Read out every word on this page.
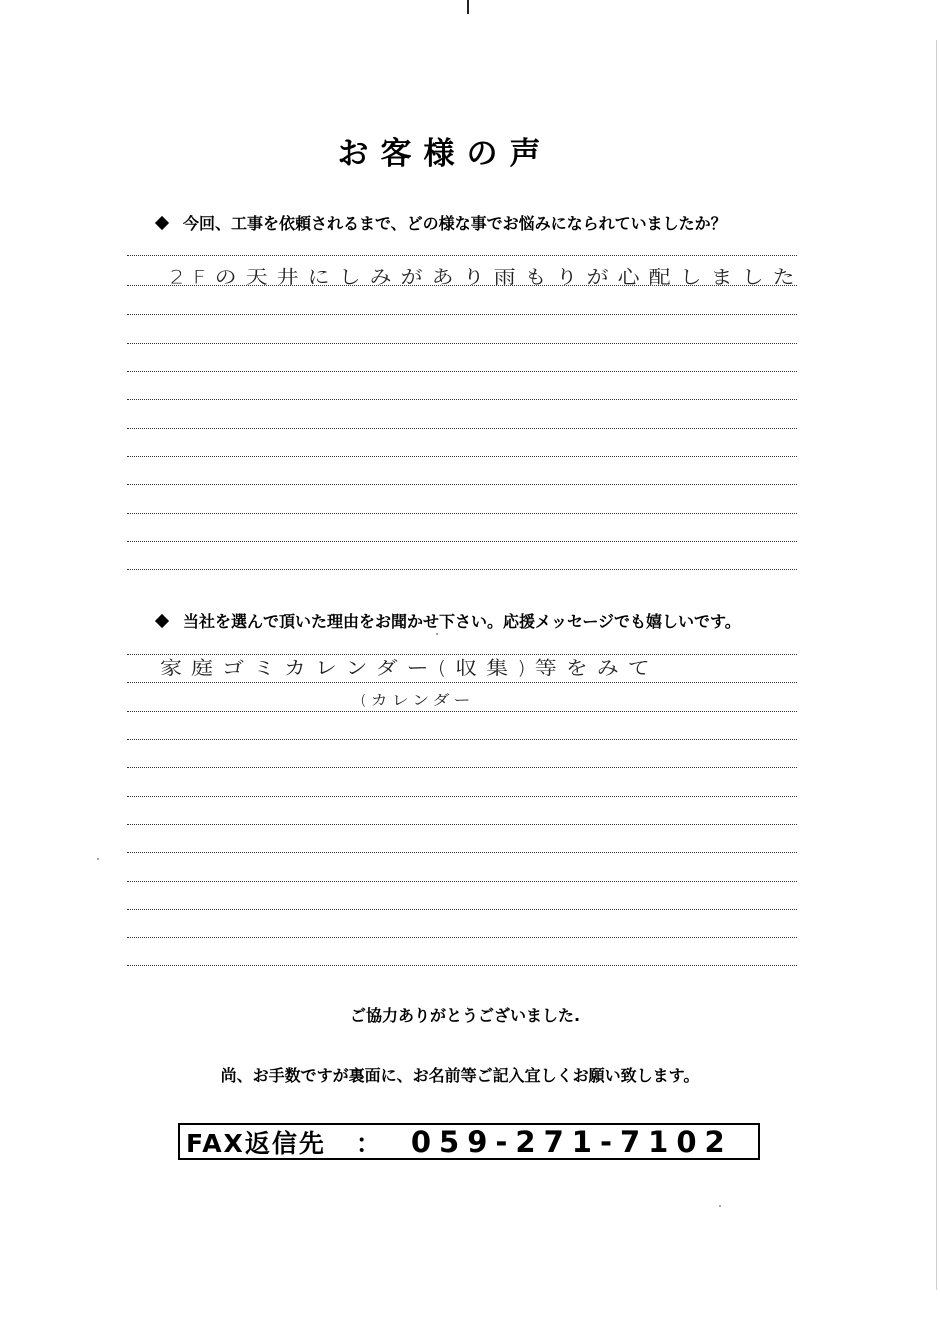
お客様の声
今回、工事を依頼されるまで、どの様な事でお悩みになられていましたか？
2Fの天井にしみがあり雨もりが心配しました
当社を選んで頂いた理由をお聞かせ下さい。応援メッセージでも嬉しいです。
家庭ゴミカレンダー(収集)等をみて
(カレンダー
ご協力ありがとうございました.
尚、お手数ですが裏面に、お名前等ご記入宜しくお願い致します。
FAX返信先 ： 059-271-7102
